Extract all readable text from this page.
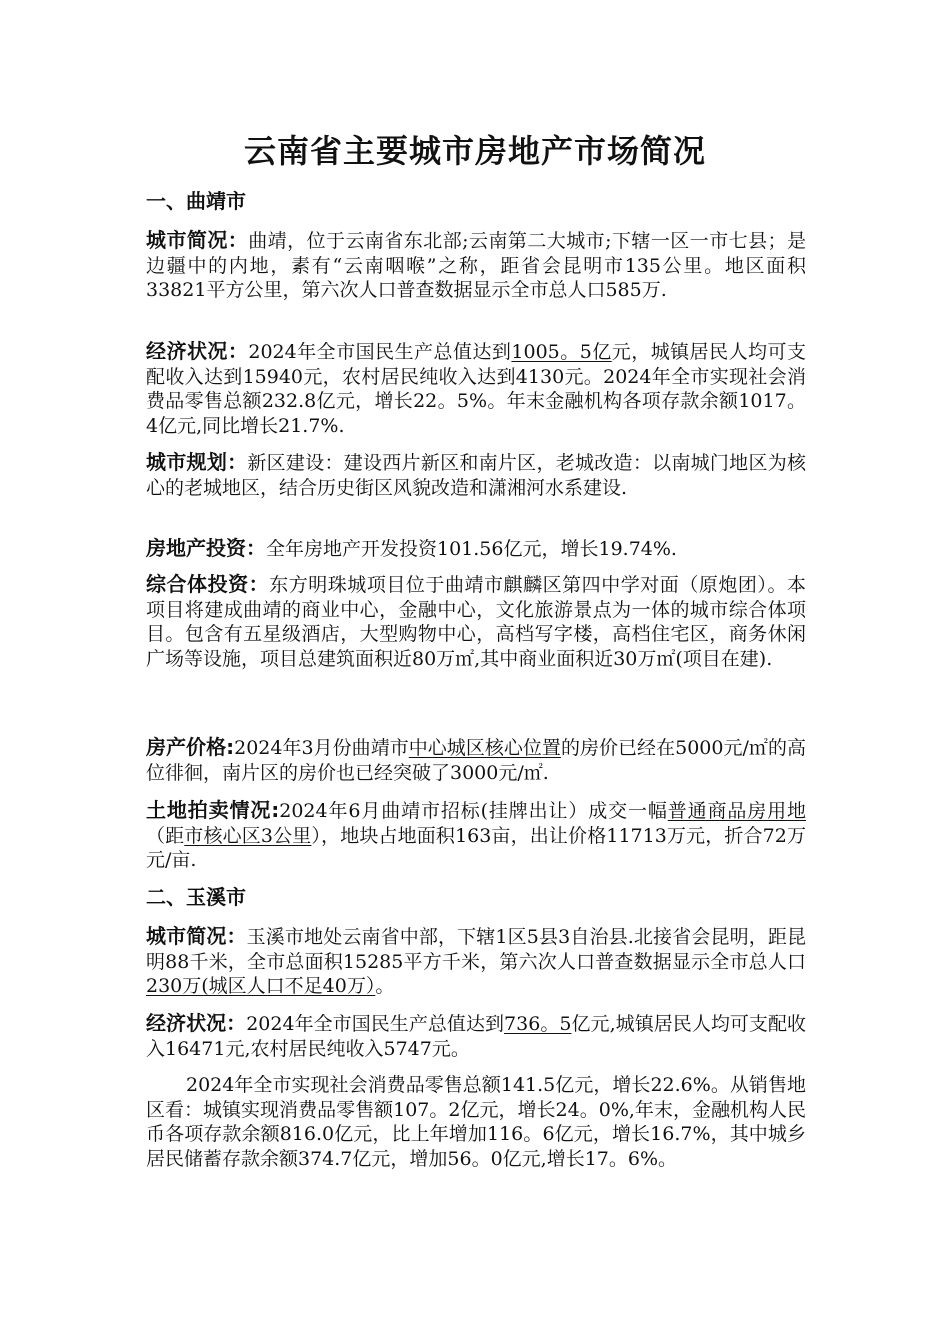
云南省主要城市房地产市场简况
一、曲靖市

城市简况：曲靖，位于云南省东北部;云南第二大城市;下辖一区一市七县；是边疆中的内地，素有“云南咽喉”之称，距省会昆明市135公里。地区面积33821平方公里，第六次人口普查数据显示全市总人口585万.

经济状况：2024年全市国民生产总值达到1005。5亿元，城镇居民人均可支配收入达到15940元，农村居民纯收入达到4130元。2024年全市实现社会消费品零售总额232.8亿元，增长22。5%。年末金融机构各项存款余额1017。4亿元,同比增长21.7%.

城市规划：新区建设：建设西片新区和南片区，老城改造：以南城门地区为核心的老城地区，结合历史街区风貌改造和潇湘河水系建设.

房地产投资：全年房地产开发投资101.56亿元，增长19.74%.

综合体投资：东方明珠城项目位于曲靖市麒麟区第四中学对面（原炮团）。本项目将建成曲靖的商业中心，金融中心，文化旅游景点为一体的城市综合体项目。包含有五星级酒店，大型购物中心，高档写字楼，高档住宅区，商务休闲广场等设施，项目总建筑面积近80万㎡,其中商业面积近30万㎡(项目在建).

房产价格:2024年3月份曲靖市中心城区核心位置的房价已经在5000元/㎡的高位徘徊，南片区的房价也已经突破了3000元/㎡.

土地拍卖情况:2024年6月曲靖市招标(挂牌出让）成交一幅普通商品房用地（距市核心区3公里），地块占地面积163亩，出让价格11713万元，折合72万元/亩.

二、玉溪市

城市简况：玉溪市地处云南省中部，下辖1区5县3自治县.北接省会昆明，距昆明88千米，全市总面积15285平方千米，第六次人口普查数据显示全市总人口230万(城区人口不足40万）。

经济状况：2024年全市国民生产总值达到736。5亿元,城镇居民人均可支配收入16471元,农村居民纯收入5747元。

2024年全市实现社会消费品零售总额141.5亿元，增长22.6%。从销售地区看：城镇实现消费品零售额107。2亿元，增长24。0%,年末，金融机构人民币各项存款余额816.0亿元，比上年增加116。6亿元，增长16.7%，其中城乡居民储蓄存款余额374.7亿元，增加56。0亿元,增长17。6%。
